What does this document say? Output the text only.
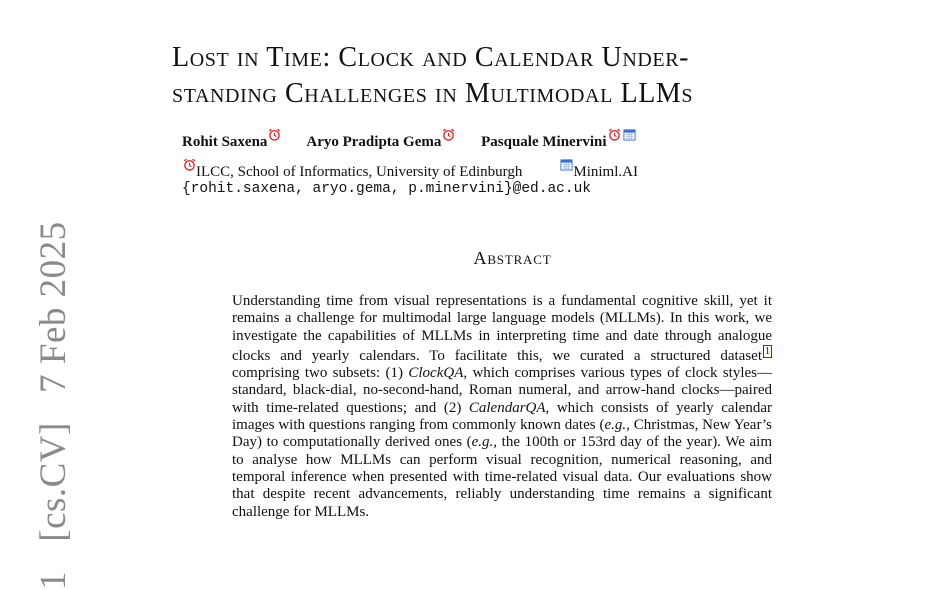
1   [cs.CV]   7 Feb 2025
Lost in Time: Clock and Calendar Under-
standing Challenges in Multimodal LLMs
Rohit Saxena	Aryo Pradipta Gema	Pasquale Minervini
ILCC, School of Informatics, University of Edinburgh	Miniml.AI
{rohit.saxena, aryo.gema, p.minervini}@ed.ac.uk
Abstract
Understanding time from visual representations is a fundamental cognitive skill, yet it remains a challenge for multimodal large language models (MLLMs). In this work, we investigate the capabilities of MLLMs in interpreting time and date through analogue clocks and yearly calendars. To facilitate this, we curated a structured dataset 1 comprising two subsets: (1) ClockQA, which comprises various types of clock styles—standard, black-dial, no-second-hand, Roman numeral, and arrow-hand clocks—paired with time-related questions; and (2) CalendarQA, which consists of yearly calendar images with questions ranging from commonly known dates (e.g., Christmas, New Year’s Day) to computationally derived ones (e.g., the 100th or 153rd day of the year). We aim to analyse how MLLMs can perform visual recognition, numerical reasoning, and temporal inference when presented with time-related visual data. Our evaluations show that despite recent advancements, reliably understanding time remains a significant challenge for MLLMs.
